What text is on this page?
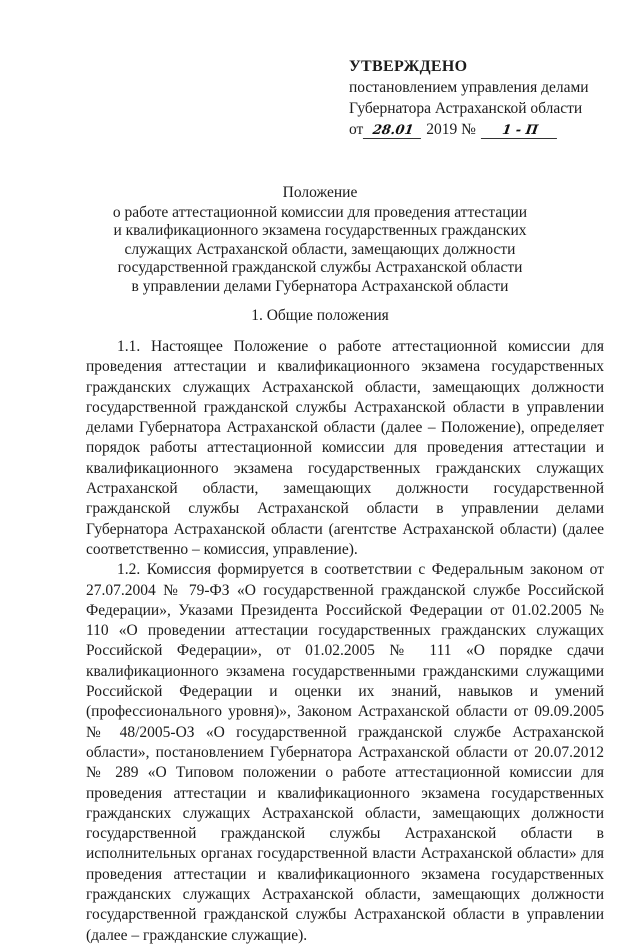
УТВЕРЖДЕНО
постановлением управления делами
Губернатора Астраханской области
от 28.01 2019 № 1 - П
Положение
о работе аттестационной комиссии для проведения аттестации
и квалификационного экзамена государственных гражданских
служащих Астраханской области, замещающих должности
государственной гражданской службы Астраханской области
в управлении делами Губернатора Астраханской области
1. Общие положения

1.1. Настоящее Положение о работе аттестационной комиссии для проведения аттестации и квалификационного экзамена государственных гражданских служащих Астраханской области, замещающих должности государственной гражданской службы Астраханской области в управлении делами Губернатора Астраханской области (далее – Положение), определяет порядок работы аттестационной комиссии для проведения аттестации и квалификационного экзамена государственных гражданских служащих Астраханской области, замещающих должности государственной гражданской службы Астраханской области в управлении делами Губернатора Астраханской области (агентстве Астраханской области) (далее соответственно – комиссия, управление).

1.2. Комиссия формируется в соответствии с Федеральным законом от 27.07.2004 № 79-ФЗ «О государственной гражданской службе Российской Федерации», Указами Президента Российской Федерации от 01.02.2005 № 110 «О проведении аттестации государственных гражданских служащих Российской Федерации», от 01.02.2005 № 111 «О порядке сдачи квалификационного экзамена государственными гражданскими служащими Российской Федерации и оценки их знаний, навыков и умений (профессионального уровня)», Законом Астраханской области от 09.09.2005 № 48/2005-ОЗ «О государственной гражданской службе Астраханской области», постановлением Губернатора Астраханской области от 20.07.2012 № 289 «О Типовом положении о работе аттестационной комиссии для проведения аттестации и квалификационного экзамена государственных гражданских служащих Астраханской области, замещающих должности государственной гражданской службы Астраханской области в исполнительных органах государственной власти Астраханской области» для проведения аттестации и квалификационного экзамена государственных гражданских служащих Астраханской области, замещающих должности государственной гражданской службы Астраханской области в управлении (далее – гражданские служащие).
